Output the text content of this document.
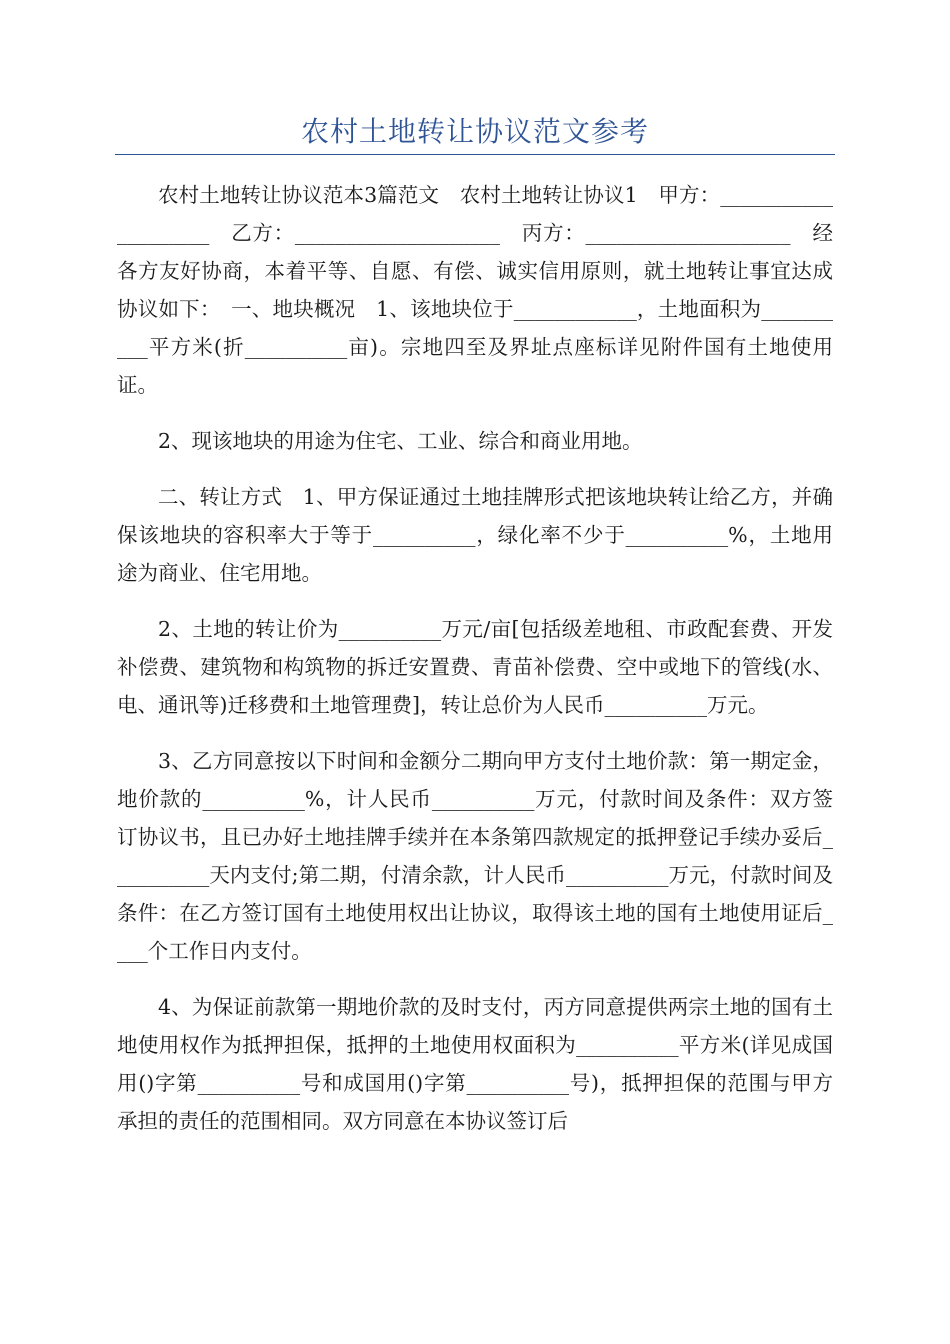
农村土地转让协议范文参考

农村土地转让协议范本3篇范文　农村土地转让协议1　甲方：____________________　乙方：____________________　丙方：____________________　经各方友好协商，本着平等、自愿、有偿、诚实信用原则，就土地转让事宜达成协议如下：　一、地块概况　1、该地块位于____________，土地面积为__________平方米(折__________亩)。宗地四至及界址点座标详见附件国有土地使用证。

2、现该地块的用途为住宅、工业、综合和商业用地。

二、转让方式　1、甲方保证通过土地挂牌形式把该地块转让给乙方，并确保该地块的容积率大于等于__________，绿化率不少于__________%，土地用途为商业、住宅用地。

2、土地的转让价为__________万元/亩[包括级差地租、市政配套费、开发补偿费、建筑物和构筑物的拆迁安置费、青苗补偿费、空中或地下的管线(水、电、通讯等)迁移费和土地管理费]，转让总价为人民币__________万元。

3、乙方同意按以下时间和金额分二期向甲方支付土地价款：第一期定金，地价款的__________%，计人民币__________万元，付款时间及条件：双方签订协议书，且已办好土地挂牌手续并在本条第四款规定的抵押登记手续办妥后__________天内支付;第二期，付清余款，计人民币__________万元，付款时间及条件：在乙方签订国有土地使用权出让协议，取得该土地的国有土地使用证后____个工作日内支付。

4、为保证前款第一期地价款的及时支付，丙方同意提供两宗土地的国有土地使用权作为抵押担保，抵押的土地使用权面积为__________平方米(详见成国用()字第__________号和成国用()字第__________号)，抵押担保的范围与甲方承担的责任的范围相同。双方同意在本协议签订后
